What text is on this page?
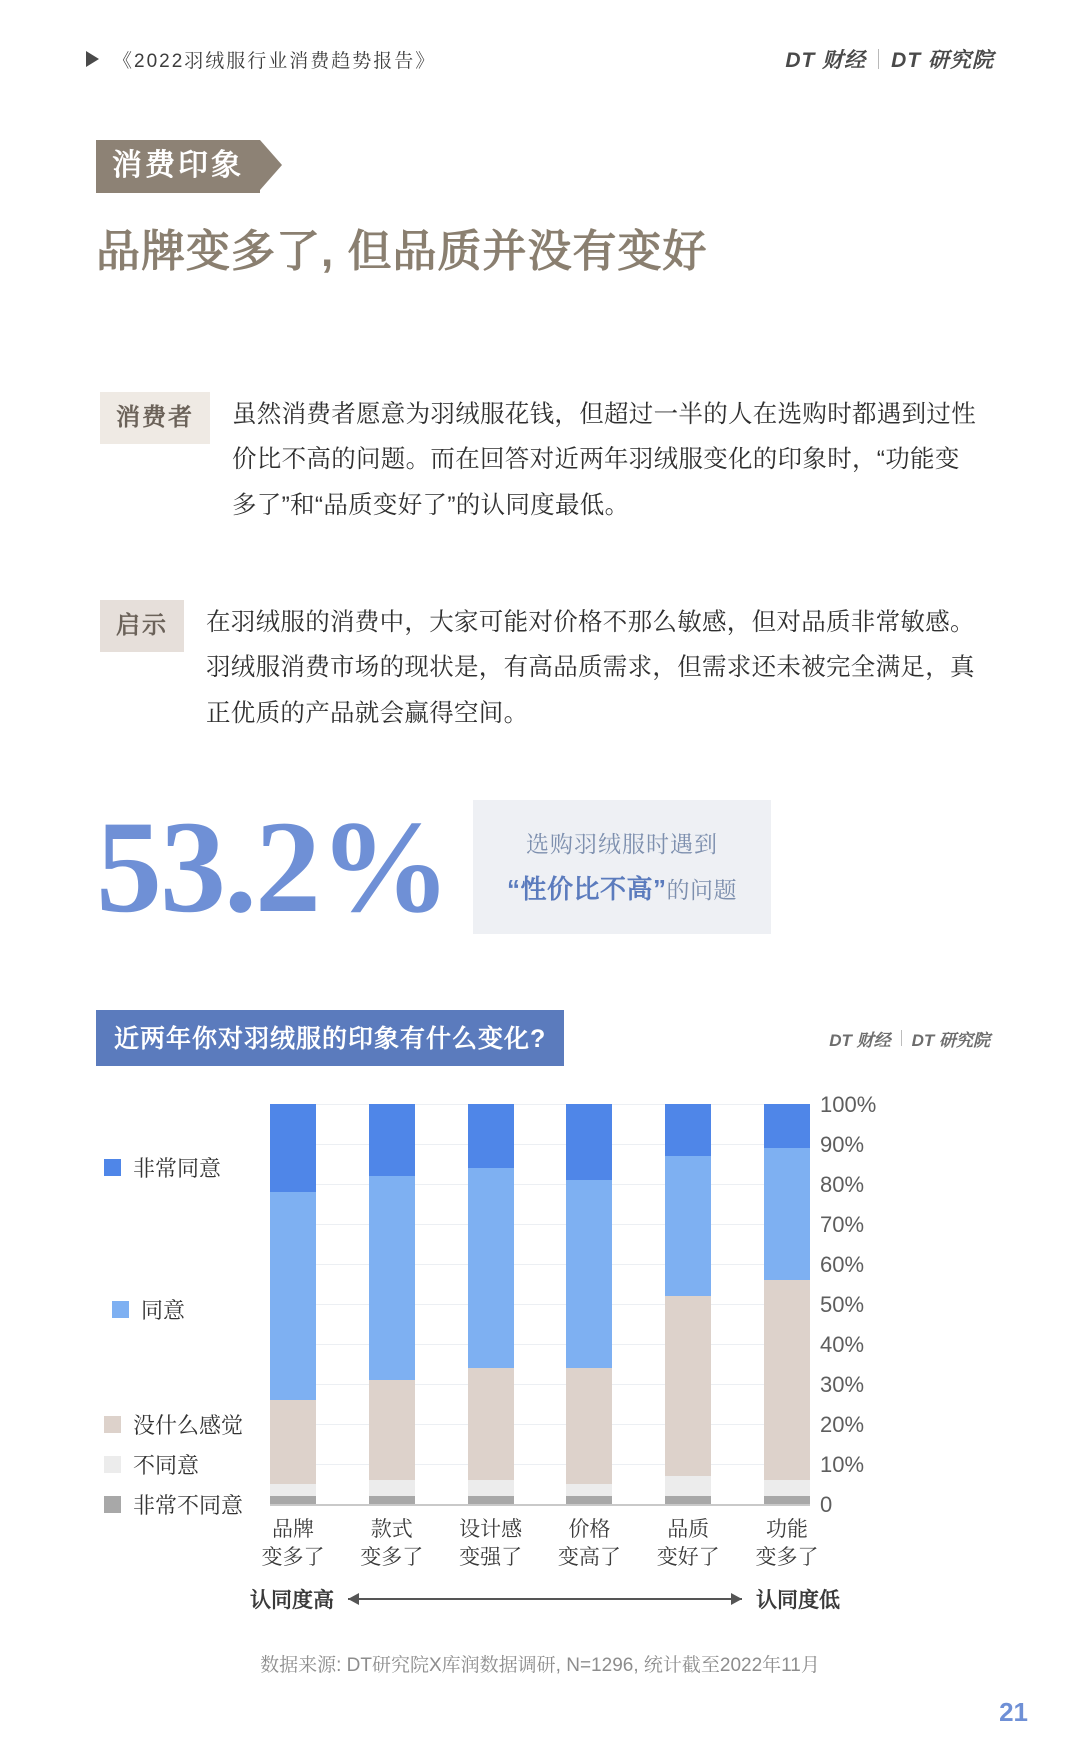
《2022羽绒服行业消费趋势报告》	DT 财经 DT 研究院
消费印象
品牌变多了, 但品质并没有变好
消费者	虽然消费者愿意为羽绒服花钱，但超过一半的人在选购时都遇到过性价比不高的问题。而在回答对近两年羽绒服变化的印象时，“功能变多了”和“品质变好了”的认同度最低。
启示	在羽绒服的消费中，大家可能对价格不那么敏感，但对品质非常敏感。羽绒服消费市场的现状是，有高品质需求，但需求还未被完全满足，真正优质的产品就会赢得空间。
53.2%	选购羽绒服时遇到
“性价比不高”的问题
近两年你对羽绒服的印象有什么变化?	DT 财经 DT 研究院
0
10%
20%
30%
40%
50%
60%
70%
80%
90%
100%
品牌
变多了
款式
变多了
设计感
变强了
价格
变高了
品质
变好了
功能
变多了
非常同意
同意
没什么感觉
不同意
非常不同意
认同度高	认同度低
数据来源: DT研究院X库润数据调研, N=1296, 统计截至2022年11月
21
